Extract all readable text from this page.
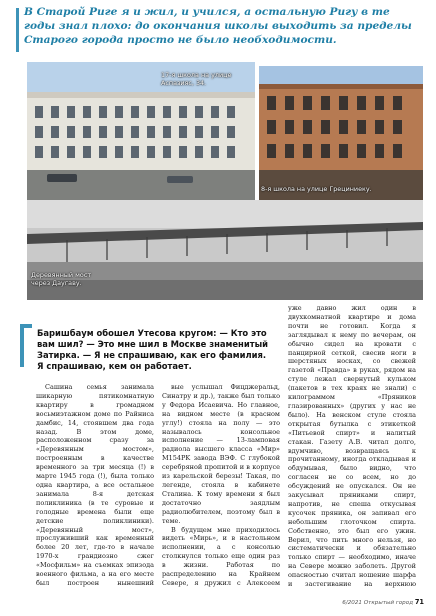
В Старой Риге я и жил, и учился, а остальную Ригу в те годы знал плохо: до окончания школы выходить за пределы Старого города просто не было необходимости.

17-я школа на улице Аспазияс, 34.
8-я школа на улице Грециниеку.
Деревянный мост через Даугаву.
Баришбаум обошел Утесова кругом: — Кто это вам шил? — Это мне шил в Москве знаменитый Затирка. — Я не спрашиваю, как его фамилия. Я спрашиваю, кем он работает.

Сашина семья занимала шикарную пятикомнатную квартиру в громадном восьмиэтажном доме по Райниса дамбис, 14, стоявшем два года назад. В этом доме, расположенном сразу за «Деревянным мостом», построенным в качестве временного за три месяца (!) в марте 1945 года (!), была только одна квартира, а все остальное занимала 8-я детская поликлиника (в те суровые и голодные времена были еще детские поликлиники). «Деревянный мост», прослуживший как временный более 20 лет, где-то в начале 1970-х грандиозно сжег «Мосфильм» на съемках эпизода военного фильма, а на его месте был построен нынешний

вые услышал Фицджеральд, Синатру и др.), также был только у Федора Исаевича. Но главное, на видном месте (в красном углу!) стояла на полу — это называлось консольное исполнение — 13-ламповая радиола высшего класса «Мир» M154PK завода ВЭФ. С глубокой серебряной пропитой и в корпусе из карельской березы! Такая, по легенде, стояла в кабинете Сталина. К тому времени я был достаточно заядлым радиолюбителем, поэтому был в теме.

В будущем мне приходилось видеть «Мирь», и в настольном исполнении, а с консолью столкнулся только еще один раз в жизни. Работая по распределению на Крайнем Севере, я дружил с Алексеем

уже давно жил один в двухкомнатной квартире и дома почти не готовил. Когда я заглядывал к нему по вечерам, он обычно сидел на кровати с панцирной сеткой, свесив ноги в шерстяных носках, со свежей газетой «Правда» в руках, рядом на стуле лежал свернутый кульком (пакетов в тех краях не знали) с килограммом «Пряников глазированных» (других у нас не было). На венском стуле стояла открытая бутылка с этикеткой «Питьевой спирт» и налитый стакан. Газету А.В. читал долго, вдумчиво, возвращаясь к прочитанному, иногда откладывая и обдумывая, было видно, что согласен не со всем, но до обсуждений не опускался. Он не закусывал пряниками спирт, напротив, не спеша откусывая кусочек пряника, он запивал его небольшим глоточком спирта. Собственно, это был его ужин. Верил, что пить много нельзя, но систематически и обязательно только спирт — необходимо, иначе на Севере можно заболеть. Другой опасностью считал ношение шарфа и застегивание на верхнюю

6/2021 Открытый город 71
